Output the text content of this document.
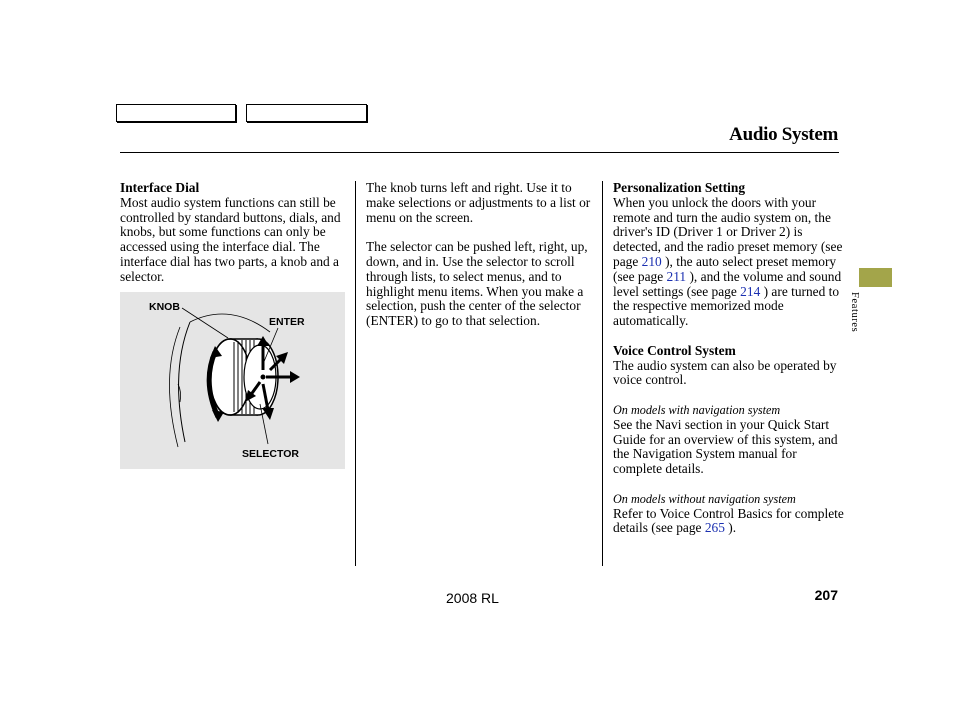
Audio System
Interface Dial
Most audio system functions can still be controlled by standard buttons, dials, and knobs, but some functions can only be accessed using the interface dial. The interface dial has two parts, a knob and a selector.
KNOB
ENTER
SELECTOR

The knob turns left and right. Use it to make selections or adjustments to a list or menu on the screen.

The selector can be pushed left, right, up, down, and in. Use the selector to scroll through lists, to select menus, and to highlight menu items. When you make a selection, push the center of the selector (ENTER) to go to that selection.

Personalization Setting

When you unlock the doors with your remote and turn the audio system on, the driver's ID (Driver 1 or Driver 2) is detected, and the radio preset memory (see page 210 ), the auto select preset memory (see page 211 ), and the volume and sound level settings (see page 214 ) are turned to the respective memorized mode automatically.

Voice Control System

The audio system can also be operated by voice control.

On models with navigation system

See the Navi section in your Quick Start Guide for an overview of this system, and the Navigation System manual for complete details.

On models without navigation system

Refer to Voice Control Basics for complete details (see page 265 ).

Features
2008 RL	207
